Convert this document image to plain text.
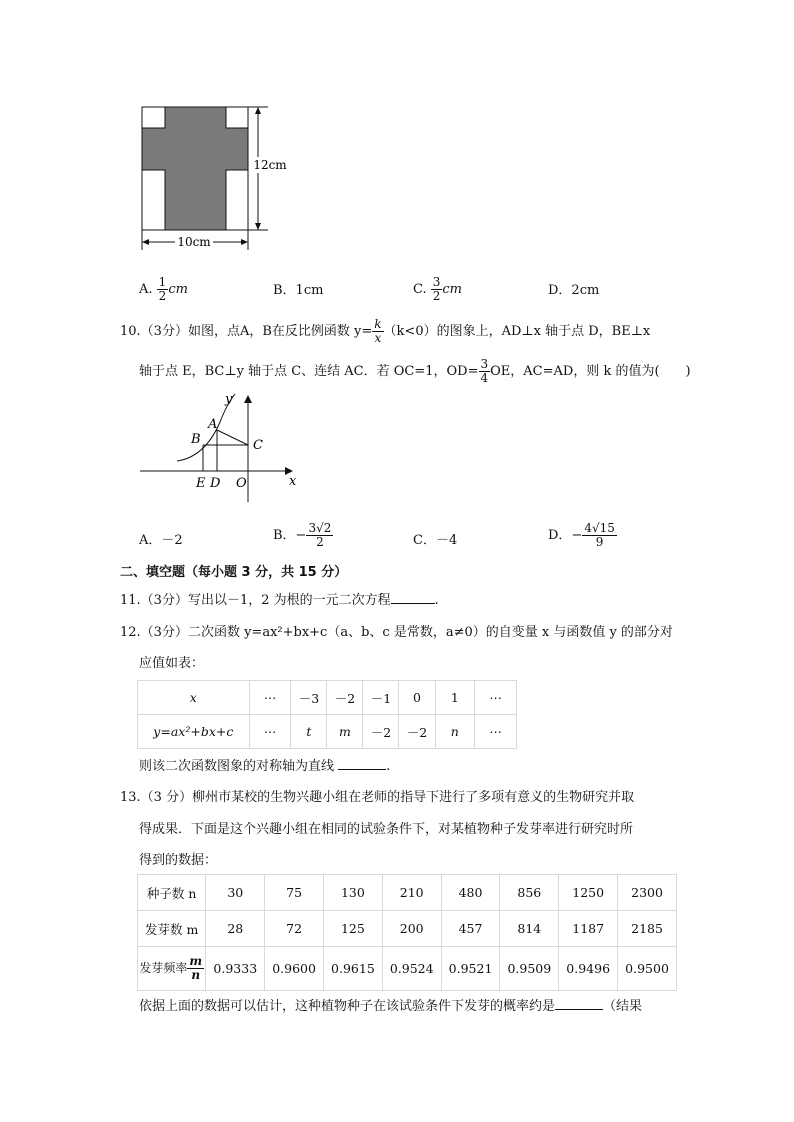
10cm
12cm
A. $\frac{1}{2}$ cm	B．1cm	C. $\frac{3}{2}$ cm	D．2cm
10.（3分）如图，点A，B在反比例函数 $y= \frac{k}{x} (k<0)$的图象上，AD⊥x 轴于点 D，BE⊥x
轴于点 E，BC⊥y 轴于点 C、连结 AC．若 OC=1，$OD= \frac{3}{4}$ OE，AC=AD，则 k 的值为(　　)
y
x
A
B	C
E D O
A．－2	B．− $\frac{3√2}{2}$	C．－4	D．− $\frac{4√15}{9}$
二、填空题（每小题 3 分，共 15 分）
11.（3分）写出以－1，2 为根的一元二次方程	.
12.（3分）二次函数 y=ax²+bx+c（a、b、c 是常数，a≠0）的自变量 x 与函数值 y 的部分对
应值如表：
x	⋯	－3	－2	－1	0	1	⋯
y=ax²+bx+c	⋯	t	m	－2	－2	n	⋯
则该二次函数图象的对称轴为直线	.
13.（3 分）柳州市某校的生物兴趣小组在老师的指导下进行了多项有意义的生物研究并取
得成果．下面是这个兴趣小组在相同的试验条件下，对某植物种子发芽率进行研究时所
得到的数据：
种子数 n	30	75	130	210	480	856	1250	2300
发芽数 m	28	72	125	200	457	814	1187	2185
发芽频率 $\frac{m}{n}$	0.9333	0.9600	0.9615	0.9524	0.9521	0.9509	0.9496	0.9500
依据上面的数据可以估计，这种植物种子在该试验条件下发芽的概率约是	（结果
